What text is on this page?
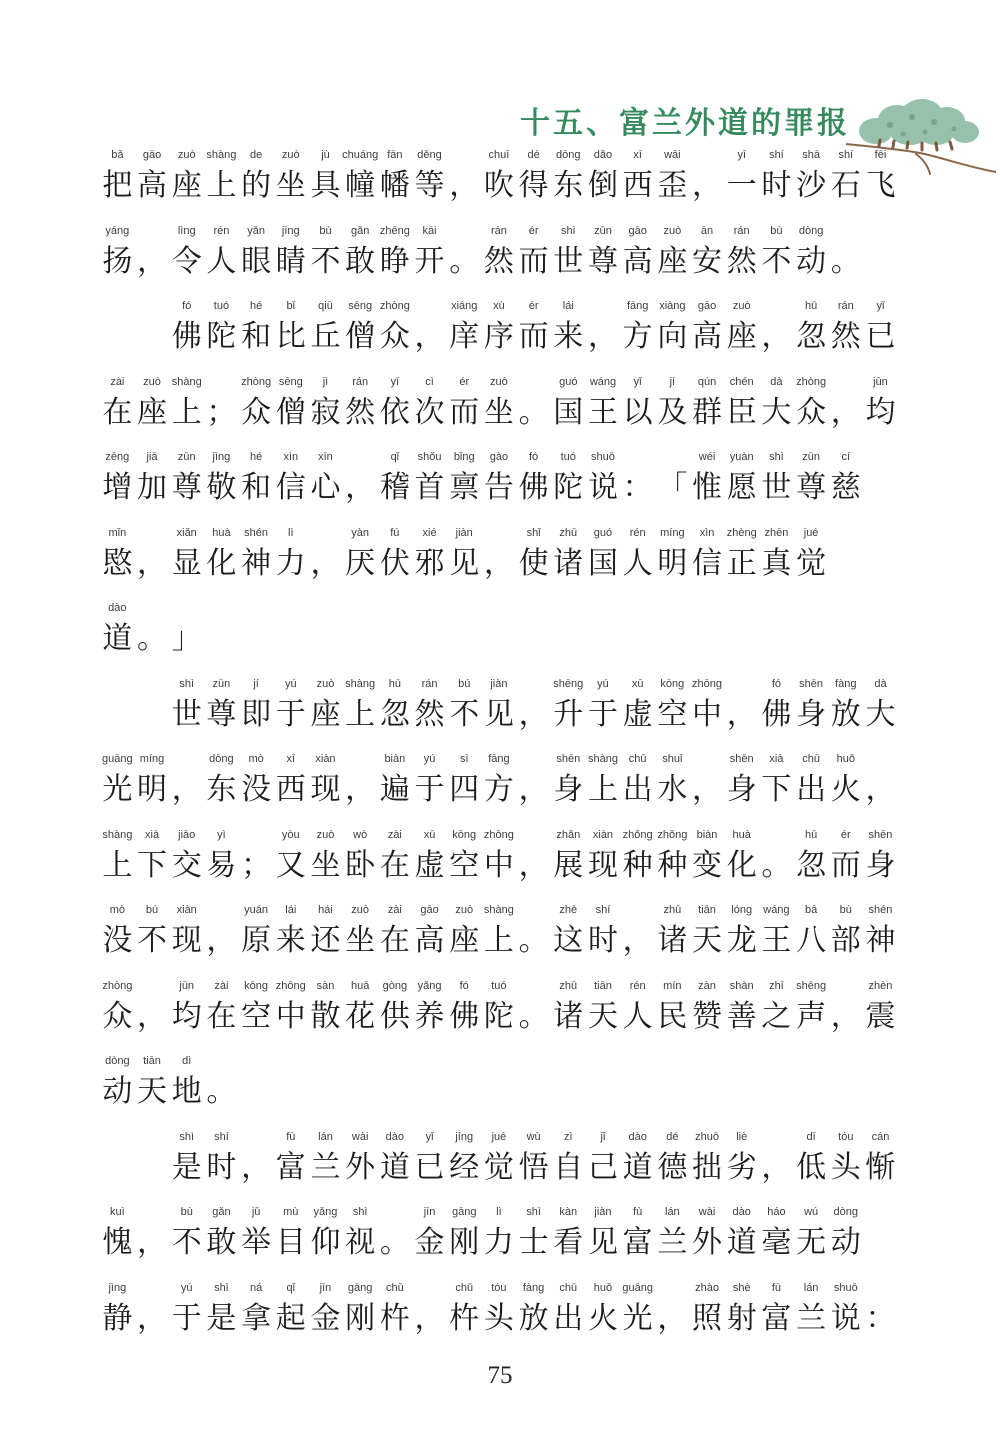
十五、富兰外道的罪报
bǎ
把
gāo
高
zuò
座
shàng
上
de
的
zuò
坐
jù
具
chuáng
幢
fān
幡
děng
等 ，
chuī
吹
dé
得
dōng
东
dǎo
倒
xī
西
wāi
歪 ，
yī
一
shí
时
shā
沙
shí
石
fēi
飞
yáng
扬 ，
lìng
令
rén
人
yǎn
眼
jīng
睛
bù
不
gǎn
敢
zhēng
睁
kāi
开 。
rán
然
ér
而
shì
世
zūn
尊
gāo
高
zuò
座
ān
安
rán
然
bù
不
dòng
动 。
fó
佛
tuó
陀
hé
和
bǐ
比
qiū
丘
sēng
僧
zhòng
众 ，
xiáng
庠
xù
序
ér
而
lái
来 ，
fāng
方
xiàng
向
gāo
高
zuò
座 ，
hū
忽
rán
然
yǐ
已
zài
在
zuò
座
shàng
上 ；
zhòng
众
sēng
僧
jì
寂
rán
然
yī
依
cì
次
ér
而
zuò
坐 。
guó
国
wáng
王
yǐ
以
jí
及
qún
群
chén
臣
dà
大
zhòng
众 ，
jūn
均
zēng
增
jiā
加
zūn
尊
jìng
敬
hé
和
xìn
信
xīn
心 ，
qǐ
稽
shǒu
首
bǐng
禀
gào
告
fó
佛
tuó
陀
shuō
说 ： 「
wéi
惟
yuàn
愿
shì
世
zūn
尊
cí
慈
mǐn
愍 ，
xiǎn
显
huà
化
shén
神
lì
力 ，
yàn
厌
fú
伏
xié
邪
jiàn
见 ，
shǐ
使
zhū
诸
guó
国
rén
人
míng
明
xìn
信
zhèng
正
zhēn
真
jué
觉
dào
道 。 」
shì
世
zūn
尊
jí
即
yú
于
zuò
座
shàng
上
hū
忽
rán
然
bú
不
jiàn
见 ，
shēng
升
yú
于
xū
虚
kōng
空
zhōng
中 ，
fó
佛
shēn
身
fàng
放
dà
大
guāng
光
míng
明 ，
dōng
东
mò
没
xī
西
xiàn
现 ，
biàn
遍
yú
于
sì
四
fāng
方 ，
shēn
身
shàng
上
chū
出
shuǐ
水 ，
shēn
身
xià
下
chū
出
huǒ
火 ，
shàng
上
xià
下
jiāo
交
yì
易 ；
yòu
又
zuò
坐
wò
卧
zài
在
xū
虚
kōng
空
zhōng
中 ，
zhǎn
展
xiàn
现
zhǒng
种
zhǒng
种
biàn
变
huà
化 。
hū
忽
ér
而
shēn
身
mò
没
bú
不
xiàn
现 ，
yuán
原
lái
来
hái
还
zuò
坐
zài
在
gāo
高
zuò
座
shàng
上 。
zhè
这
shí
时 ，
zhū
诸
tiān
天
lóng
龙
wáng
王
bā
八
bù
部
shén
神
zhòng
众 ，
jūn
均
zài
在
kōng
空
zhōng
中
sàn
散
huā
花
gòng
供
yǎng
养
fó
佛
tuó
陀 。
zhū
诸
tiān
天
rén
人
mín
民
zàn
赞
shàn
善
zhī
之
shēng
声 ，
zhèn
震
dòng
动
tiān
天
dì
地 。
shì
是
shí
时 ，
fù
富
lán
兰
wài
外
dào
道
yǐ
已
jīng
经
jué
觉
wù
悟
zì
自
jǐ
己
dào
道
dé
德
zhuō
拙
liè
劣 ，
dī
低
tóu
头
cán
惭
kuì
愧 ，
bù
不
gǎn
敢
jǔ
举
mù
目
yǎng
仰
shì
视 。
jīn
金
gāng
刚
lì
力
shì
士
kàn
看
jiàn
见
fù
富
lán
兰
wài
外
dào
道
háo
毫
wú
无
dòng
动
jìng
静 ，
yú
于
shì
是
ná
拿
qǐ
起
jīn
金
gāng
刚
chǔ
杵 ，
chǔ
杵
tóu
头
fàng
放
chū
出
huǒ
火
guāng
光 ，
zhào
照
shè
射
fù
富
lán
兰
shuō
说 ：
75
